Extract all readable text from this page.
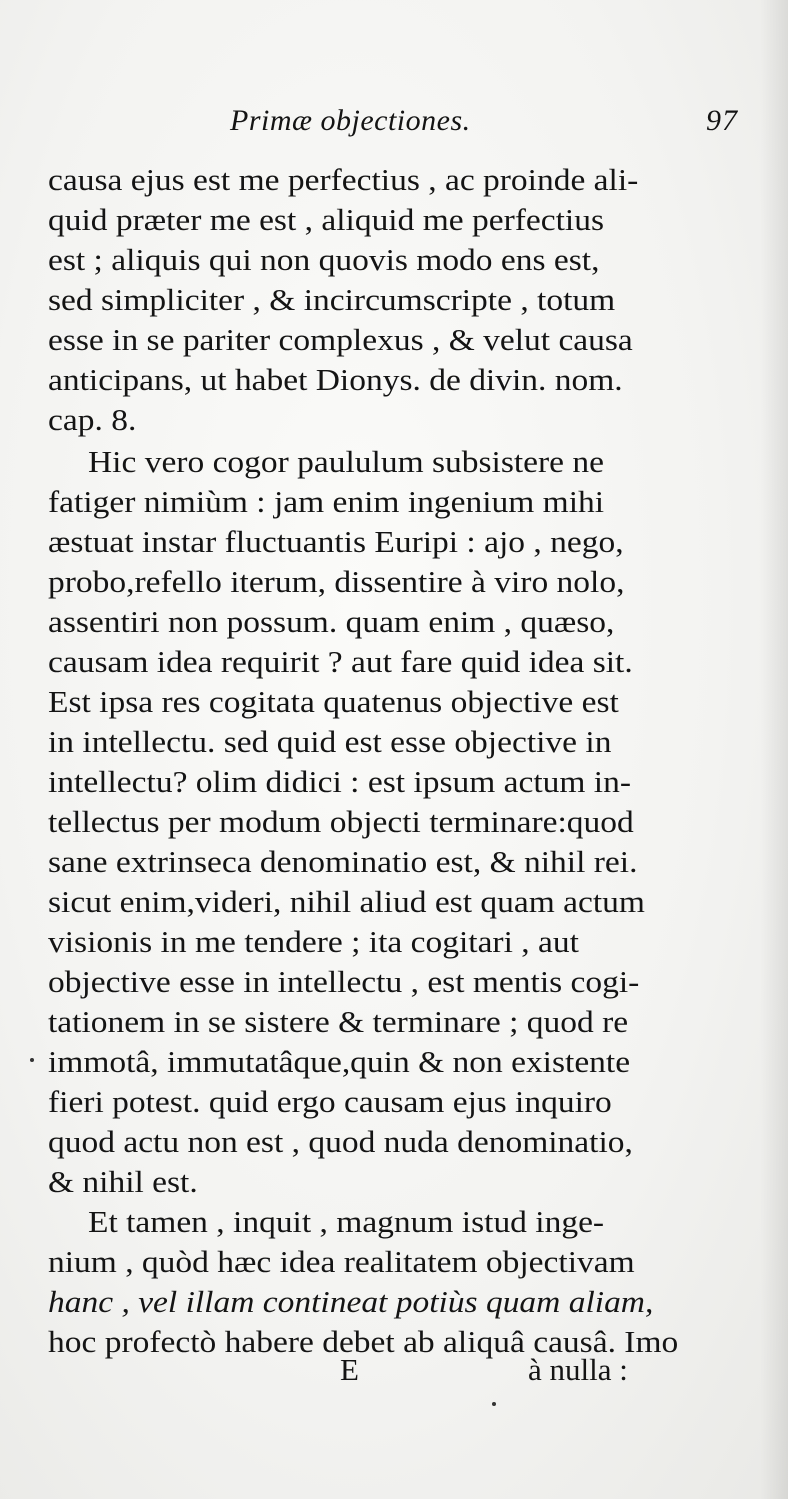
Primæ objectiones.	97
causa ejus est me perfectius , ac proinde ali-
quid præter me est , aliquid me perfectius
est ; aliquis qui non quovis modo ens est,
sed simpliciter , & incircumscripte , totum
esse in se pariter complexus , & velut causa
anticipans, ut habet Dionys. de divin. nom.
cap. 8.
Hic vero cogor paululum subsistere ne
fatiger nimiùm : jam enim ingenium mihi
æstuat instar fluctuantis Euripi : ajo , nego,
probo,refello iterum, dissentire à viro nolo,
assentiri non possum. quam enim , quæso,
causam idea requirit ? aut fare quid idea sit.
Est ipsa res cogitata quatenus objective est
in intellectu. sed quid est esse objective in
intellectu? olim didici : est ipsum actum in-
tellectus per modum objecti terminare:quod
sane extrinseca denominatio est, & nihil rei.
sicut enim,videri, nihil aliud est quam actum
visionis in me tendere ; ita cogitari , aut
objective esse in intellectu , est mentis cogi-
tationem in se sistere & terminare ; quod re
immotâ, immutatâque,quin & non existente
fieri potest. quid ergo causam ejus inquiro
quod actu non est , quod nuda denominatio,
& nihil est.
Et tamen , inquit , magnum istud inge-
nium , quòd hæc idea realitatem objectivam
hanc , vel illam contineat potiùs quam aliam,
hoc profectò habere debet ab aliquâ causâ. Imo
E	à nulla :
